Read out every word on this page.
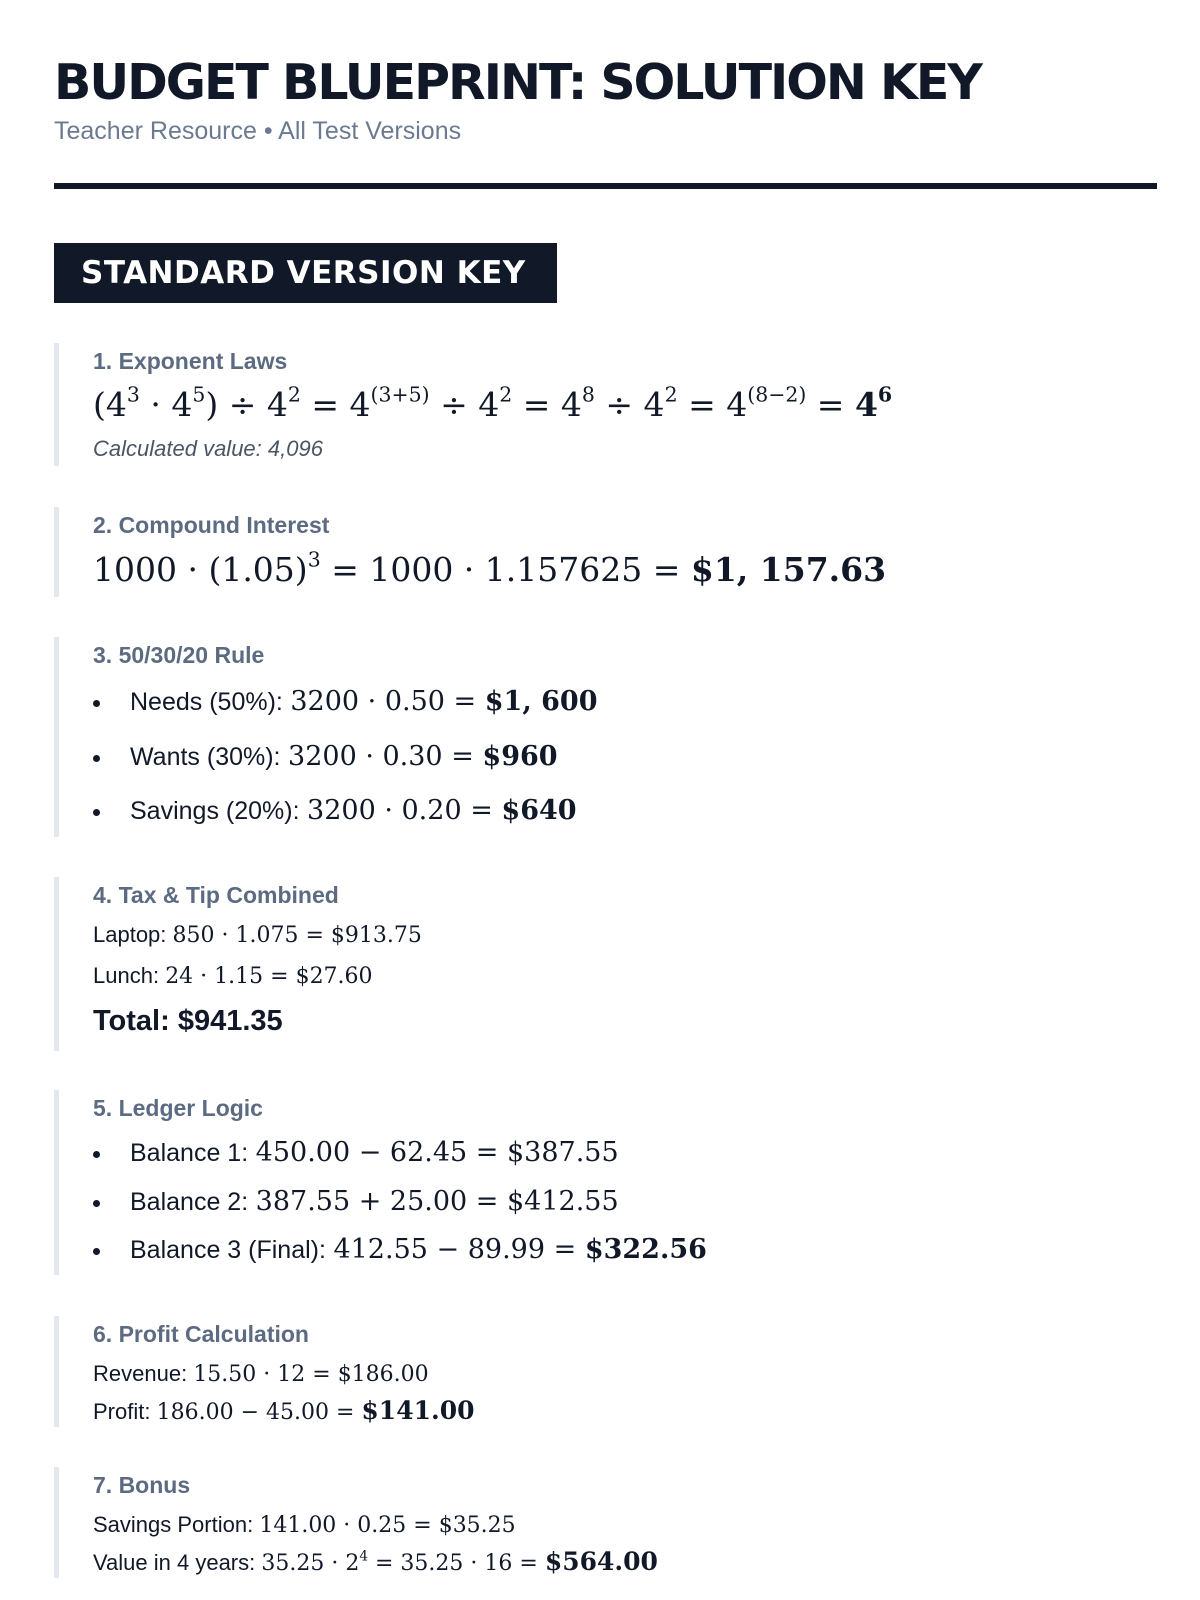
BUDGET BLUEPRINT: SOLUTION KEY
Teacher Resource • All Test Versions
STANDARD VERSION KEY
1. Exponent Laws
$(4^3 \cdot 4^5) \div 4^2 = 4^{(3+5)} \div 4^2 = 4^8 \div 4^2 = 4^{(8-2)} = 4^6$
Calculated value: 4,096
2. Compound Interest
$1000 \cdot (1.05)^3 = 1000 \cdot 1.157625$ = $1, 157.63
3. 50/30/20 Rule
Needs (50%): 3200 · 0.50 = $1, 600
Wants (30%): 3200 · 0.30 = $960
Savings (20%): 3200 · 0.20 = $640
4. Tax & Tip Combined
Laptop: 850 · 1.075 = $913.75
Lunch: 24 · 1.15 = $27.60
Total: $941.35
5. Ledger Logic
Balance 1: 450.00 − 62.45 = $387.55
Balance 2: 387.55 + 25.00 = $412.55
Balance 3 (Final): 412.55 − 89.99 = $322.56
6. Profit Calculation
Revenue: 15.50 · 12 = $186.00
Profit: 186.00 − 45.00 = $141.00
7. Bonus
Savings Portion: 141.00 · 0.25 = $35.25
Value in 4 years: $35.25 \cdot 2^4 = 35.25 \cdot 16$ = $564.00
